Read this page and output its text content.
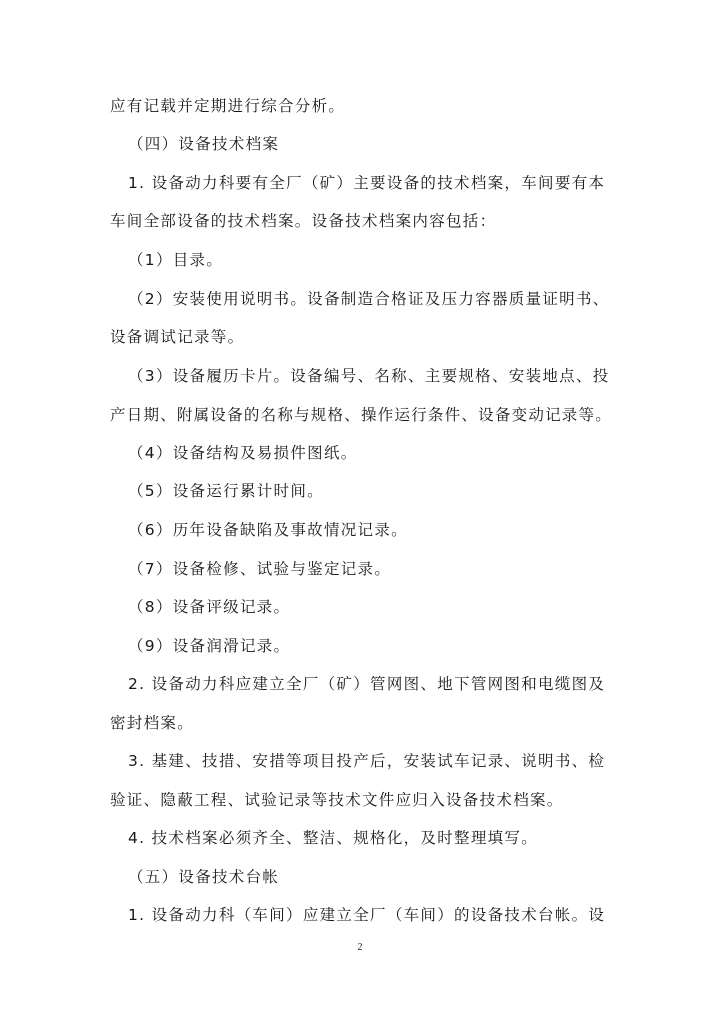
应有记载并定期进行综合分析。
（四）设备技术档案
1. 设备动力科要有全厂（矿）主要设备的技术档案，车间要有本
车间全部设备的技术档案。设备技术档案内容包括：
（1）目录。
（2）安装使用说明书。设备制造合格证及压力容器质量证明书、
设备调试记录等。
（3）设备履历卡片。设备编号、名称、主要规格、安装地点、投
产日期、附属设备的名称与规格、操作运行条件、设备变动记录等。
（4）设备结构及易损件图纸。
（5）设备运行累计时间。
（6）历年设备缺陷及事故情况记录。
（7）设备检修、试验与鉴定记录。
（8）设备评级记录。
（9）设备润滑记录。
2. 设备动力科应建立全厂（矿）管网图、地下管网图和电缆图及
密封档案。
3. 基建、技措、安措等项目投产后，安装试车记录、说明书、检
验证、隐蔽工程、试验记录等技术文件应归入设备技术档案。
4. 技术档案必须齐全、整洁、规格化，及时整理填写。
（五）设备技术台帐
1. 设备动力科（车间）应建立全厂（车间）的设备技术台帐。设
2
